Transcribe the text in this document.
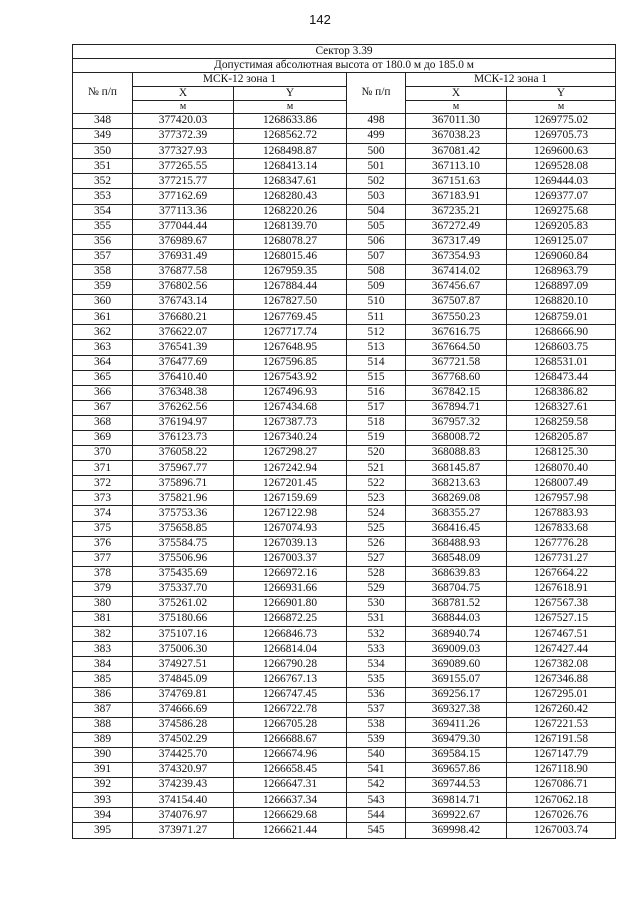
142
Сектор 3.39					
Допустимая абсолютная высота от 180.0 м до 185.0 м					
№ п/п	МСК-12 зона 1		№ п/п	МСК-12 зона 1	
	X	Y		X	Y
	м	м		м	м
348	377420.03	1268633.86	498	367011.30	1269775.02
349	377372.39	1268562.72	499	367038.23	1269705.73
350	377327.93	1268498.87	500	367081.42	1269600.63
351	377265.55	1268413.14	501	367113.10	1269528.08
352	377215.77	1268347.61	502	367151.63	1269444.03
353	377162.69	1268280.43	503	367183.91	1269377.07
354	377113.36	1268220.26	504	367235.21	1269275.68
355	377044.44	1268139.70	505	367272.49	1269205.83
356	376989.67	1268078.27	506	367317.49	1269125.07
357	376931.49	1268015.46	507	367354.93	1269060.84
358	376877.58	1267959.35	508	367414.02	1268963.79
359	376802.56	1267884.44	509	367456.67	1268897.09
360	376743.14	1267827.50	510	367507.87	1268820.10
361	376680.21	1267769.45	511	367550.23	1268759.01
362	376622.07	1267717.74	512	367616.75	1268666.90
363	376541.39	1267648.95	513	367664.50	1268603.75
364	376477.69	1267596.85	514	367721.58	1268531.01
365	376410.40	1267543.92	515	367768.60	1268473.44
366	376348.38	1267496.93	516	367842.15	1268386.82
367	376262.56	1267434.68	517	367894.71	1268327.61
368	376194.97	1267387.73	518	367957.32	1268259.58
369	376123.73	1267340.24	519	368008.72	1268205.87
370	376058.22	1267298.27	520	368088.83	1268125.30
371	375967.77	1267242.94	521	368145.87	1268070.40
372	375896.71	1267201.45	522	368213.63	1268007.49
373	375821.96	1267159.69	523	368269.08	1267957.98
374	375753.36	1267122.98	524	368355.27	1267883.93
375	375658.85	1267074.93	525	368416.45	1267833.68
376	375584.75	1267039.13	526	368488.93	1267776.28
377	375506.96	1267003.37	527	368548.09	1267731.27
378	375435.69	1266972.16	528	368639.83	1267664.22
379	375337.70	1266931.66	529	368704.75	1267618.91
380	375261.02	1266901.80	530	368781.52	1267567.38
381	375180.66	1266872.25	531	368844.03	1267527.15
382	375107.16	1266846.73	532	368940.74	1267467.51
383	375006.30	1266814.04	533	369009.03	1267427.44
384	374927.51	1266790.28	534	369089.60	1267382.08
385	374845.09	1266767.13	535	369155.07	1267346.88
386	374769.81	1266747.45	536	369256.17	1267295.01
387	374666.69	1266722.78	537	369327.38	1267260.42
388	374586.28	1266705.28	538	369411.26	1267221.53
389	374502.29	1266688.67	539	369479.30	1267191.58
390	374425.70	1266674.96	540	369584.15	1267147.79
391	374320.97	1266658.45	541	369657.86	1267118.90
392	374239.43	1266647.31	542	369744.53	1267086.71
393	374154.40	1266637.34	543	369814.71	1267062.18
394	374076.97	1266629.68	544	369922.67	1267026.76
395	373971.27	1266621.44	545	369998.42	1267003.74
